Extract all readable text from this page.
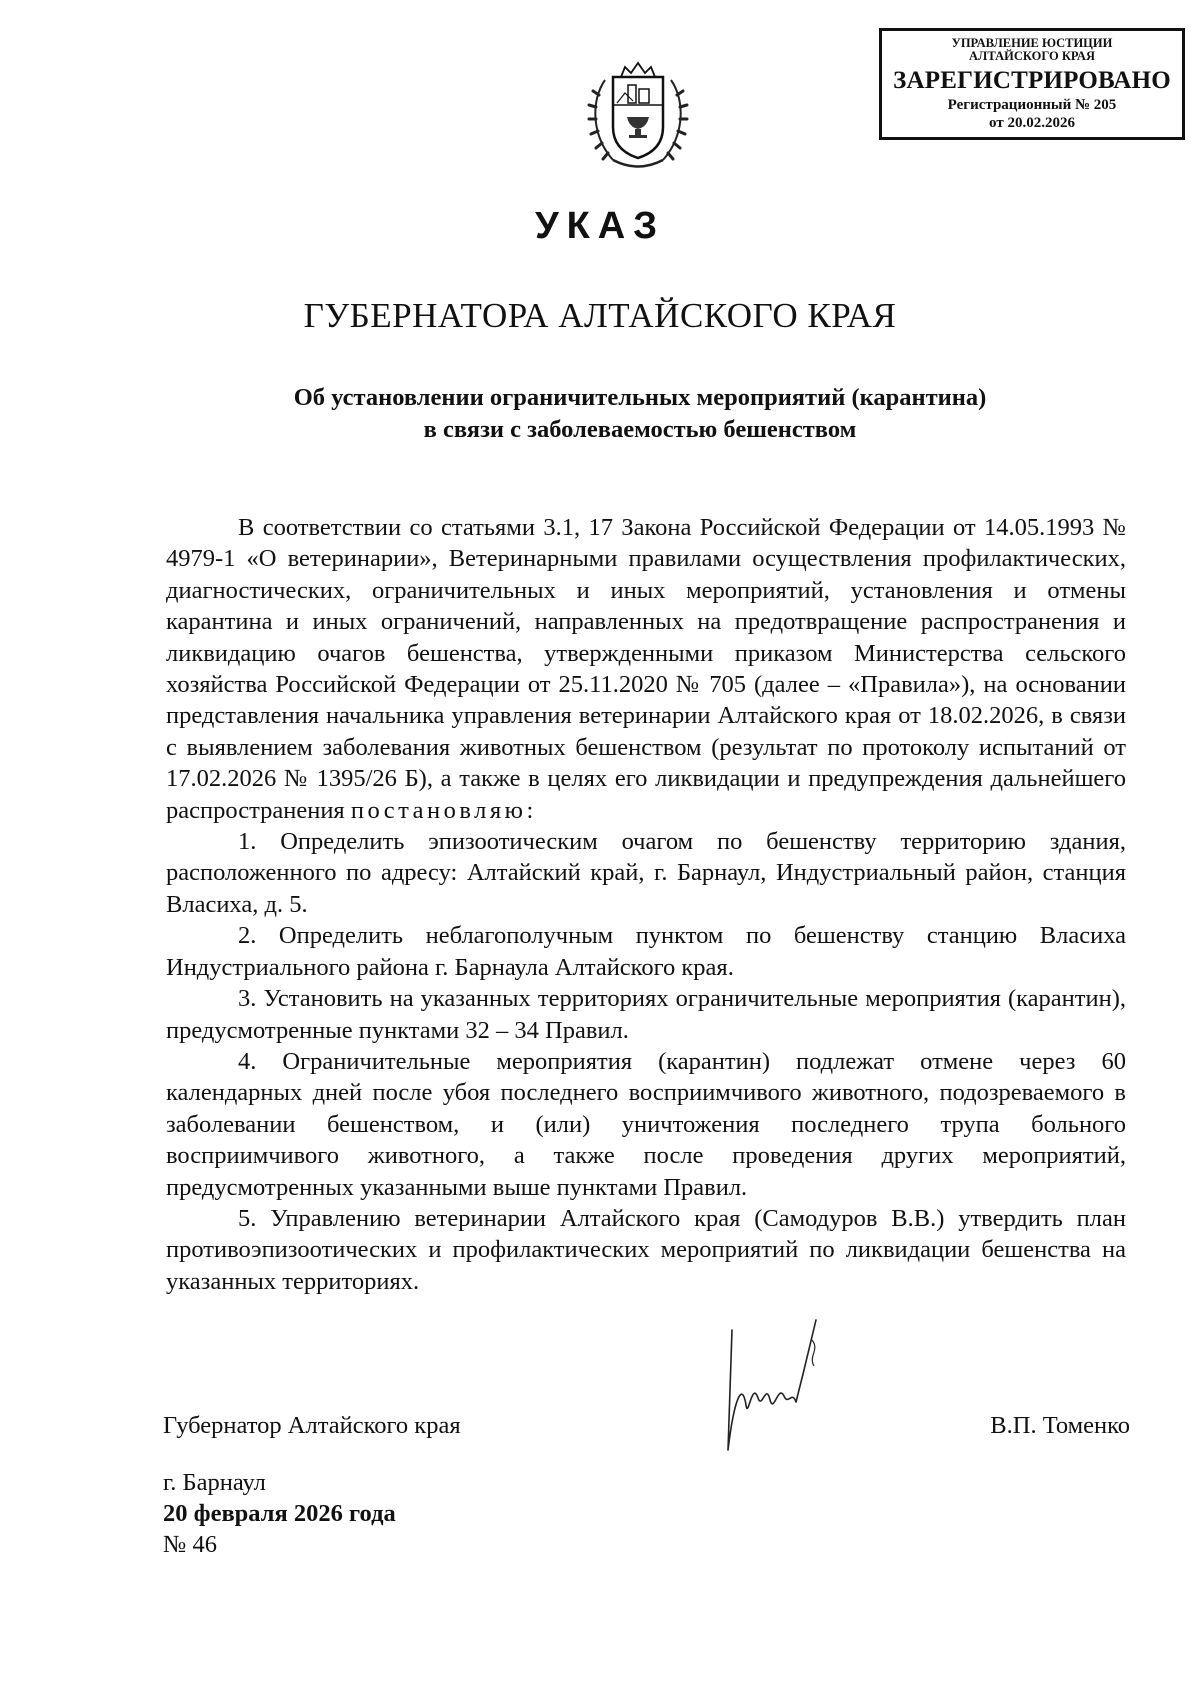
УПРАВЛЕНИЕ ЮСТИЦИИ
АЛТАЙСКОГО КРАЯ
ЗАРЕГИСТРИРОВАНО
Регистрационный № 205
от 20.02.2026
УКАЗ
ГУБЕРНАТОРА АЛТАЙСКОГО КРАЯ
Об установлении ограничительных мероприятий (карантина)
в связи с заболеваемостью бешенством

В соответствии со статьями 3.1, 17 Закона Российской Федерации от 14.05.1993 № 4979-1 «О ветеринарии», Ветеринарными правилами осуществления профилактических, диагностических, ограничительных и иных мероприятий, установления и отмены карантина и иных ограничений, направленных на предотвращение распространения и ликвидацию очагов бешенства, утвержденными приказом Министерства сельского хозяйства Российской Федерации от 25.11.2020 № 705 (далее – «Правила»), на основании представления начальника управления ветеринарии Алтайского края от 18.02.2026, в связи с выявлением заболевания животных бешенством (результат по протоколу испытаний от 17.02.2026 № 1395/26 Б), а также в целях его ликвидации и предупреждения дальнейшего распространения постановляю:

1. Определить эпизоотическим очагом по бешенству территорию здания, расположенного по адресу: Алтайский край, г. Барнаул, Индустриальный район, станция Власиха, д. 5.

2. Определить неблагополучным пунктом по бешенству станцию Власиха Индустриального района г. Барнаула Алтайского края.

3. Установить на указанных территориях ограничительные мероприятия (карантин), предусмотренные пунктами 32 – 34 Правил.

4. Ограничительные мероприятия (карантин) подлежат отмене через 60 календарных дней после убоя последнего восприимчивого животного, подозреваемого в заболевании бешенством, и (или) уничтожения последнего трупа больного восприимчивого животного, а также после проведения других мероприятий, предусмотренных указанными выше пунктами Правил.

5. Управлению ветеринарии Алтайского края (Самодуров В.В.) утвердить план противоэпизоотических и профилактических мероприятий по ликвидации бешенства на указанных территориях.

Губернатор Алтайского края	В.П. Томенко
г. Барнаул
20 февраля 2026 года
№ 46
